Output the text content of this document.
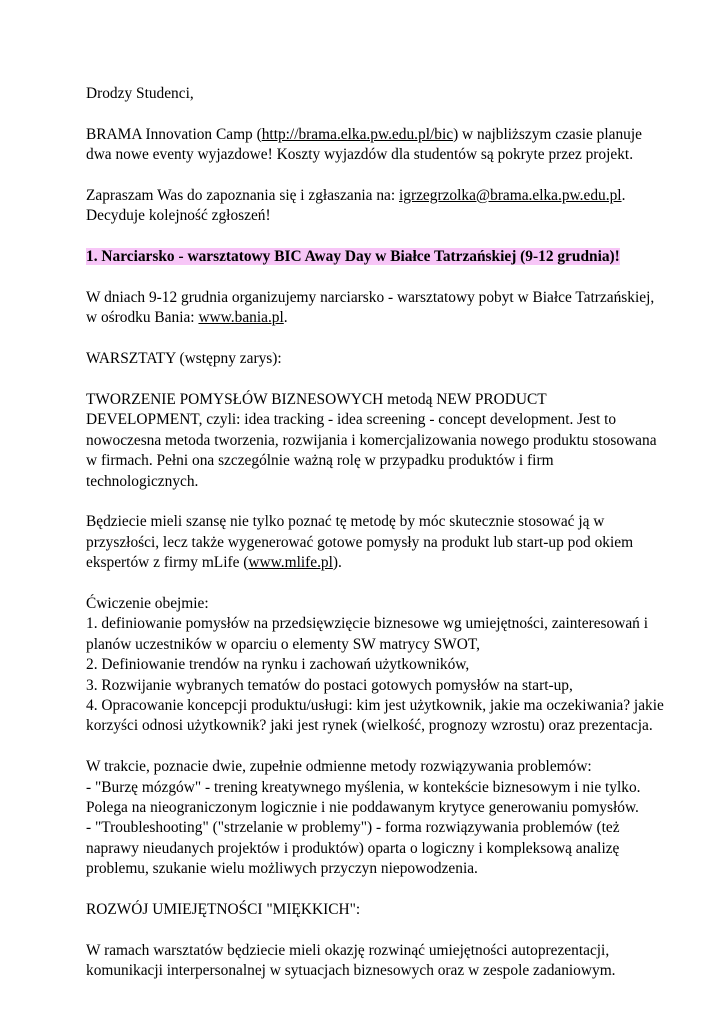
Drodzy Studenci,

BRAMA Innovation Camp (http://brama.elka.pw.edu.pl/bic) w najbliższym czasie planuje
dwa nowe eventy wyjazdowe! Koszty wyjazdów dla studentów są pokryte przez projekt.

Zapraszam Was do zapoznania się i zgłaszania na: igrzegrzolka@brama.elka.pw.edu.pl.
Decyduje kolejność zgłoszeń!

1. Narciarsko - warsztatowy BIC Away Day w Białce Tatrzańskiej (9-12 grudnia)!

W dniach 9-12 grudnia organizujemy narciarsko - warsztatowy pobyt w Białce Tatrzańskiej,
w ośrodku Bania: www.bania.pl.

WARSZTATY (wstępny zarys):

TWORZENIE POMYSŁÓW BIZNESOWYCH metodą NEW PRODUCT
DEVELOPMENT, czyli: idea tracking - idea screening - concept development. Jest to
nowoczesna metoda tworzenia, rozwijania i komercjalizowania nowego produktu stosowana
w firmach. Pełni ona szczególnie ważną rolę w przypadku produktów i firm
technologicznych.

Będziecie mieli szansę nie tylko poznać tę metodę by móc skutecznie stosować ją w
przyszłości, lecz także wygenerować gotowe pomysły na produkt lub start-up pod okiem
ekspertów z firmy mLife (www.mlife.pl).

Ćwiczenie obejmie:
1. definiowanie pomysłów na przedsięwzięcie biznesowe wg umiejętności, zainteresowań i
planów uczestników w oparciu o elementy SW matrycy SWOT,
2. Definiowanie trendów na rynku i zachowań użytkowników,
3. Rozwijanie wybranych tematów do postaci gotowych pomysłów na start-up,
4. Opracowanie koncepcji produktu/usługi: kim jest użytkownik, jakie ma oczekiwania? jakie
korzyści odnosi użytkownik? jaki jest rynek (wielkość, prognozy wzrostu) oraz prezentacja.

W trakcie, poznacie dwie, zupełnie odmienne metody rozwiązywania problemów:
- "Burzę mózgów" - trening kreatywnego myślenia, w kontekście biznesowym i nie tylko.
Polega na nieograniczonym logicznie i nie poddawanym krytyce generowaniu pomysłów.
- "Troubleshooting" ("strzelanie w problemy") - forma rozwiązywania problemów (też
naprawy nieudanych projektów i produktów) oparta o logiczny i kompleksową analizę
problemu, szukanie wielu możliwych przyczyn niepowodzenia.

ROZWÓJ UMIEJĘTNOŚCI "MIĘKKICH":

W ramach warsztatów będziecie mieli okazję rozwinąć umiejętności autoprezentacji,
komunikacji interpersonalnej w sytuacjach biznesowych oraz w zespole zadaniowym.
